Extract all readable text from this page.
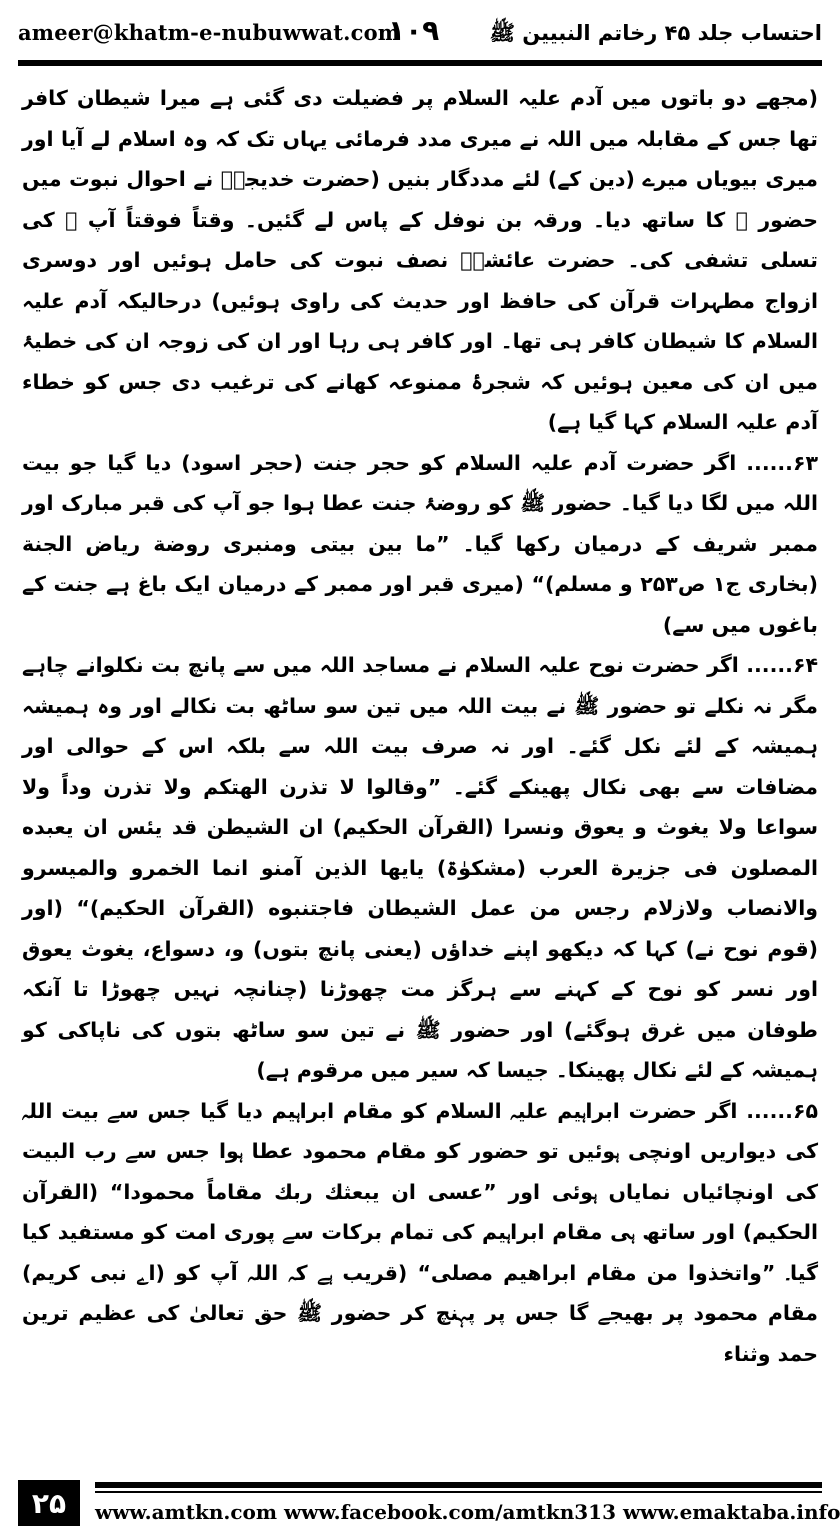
ameer@khatm-e-nubuwwat.com
۱۰۹ احتساب جلد ۴۵ رخاتم النبیین ﷺ

(مجھے دو باتوں میں آدم علیہ السلام پر فضیلت دی گئی ہے میرا شیطان کافر تھا جس کے مقابلہ میں اللہ نے میری مدد فرمائی یہاں تک کہ وہ اسلام لے آیا اور میری بیویاں میرے (دین کے) لئے مددگار بنیں (حضرت خدیجہؓ نے احوال نبوت میں حضور ﷺ کا ساتھ دیا۔ ورقہ بن نوفل کے پاس لے گئیں۔ وقتاً فوقتاً آپ ﷺ کی تسلی تشفی کی۔ حضرت عائشہؓ نصف نبوت کی حامل ہوئیں اور دوسری ازواج مطہرات قرآن کی حافظ اور حدیث کی راوی ہوئیں) درحالیکہ آدم علیہ السلام کا شیطان کافر ہی تھا۔ اور کافر ہی رہا اور ان کی زوجہ ان کی خطیۂ میں ان کی معین ہوئیں کہ شجرۂ ممنوعہ کھانے کی ترغیب دی جس کو خطاء آدم علیہ السلام کہا گیا ہے)

۶۳...... اگر حضرت آدم علیہ السلام کو حجر جنت (حجر اسود) دیا گیا جو بیت اللہ میں لگا دیا گیا۔ حضور ﷺ کو روضۂ جنت عطا ہوا جو آپ کی قبر مبارک اور ممبر شریف کے درمیان رکھا گیا۔ ”ما بین بیتی ومنبری روضة ریاض الجنة (بخاری ج۱ ص۲۵۳ و مسلم)“ (میری قبر اور ممبر کے درمیان ایک باغ ہے جنت کے باغوں میں سے)

۶۴...... اگر حضرت نوح علیہ السلام نے مساجد اللہ میں سے پانچ بت نکلوانے چاہے مگر نہ نکلے تو حضور ﷺ نے بیت اللہ میں تین سو ساٹھ بت نکالے اور وہ ہمیشہ ہمیشہ کے لئے نکل گئے۔ اور نہ صرف بیت اللہ سے بلکہ اس کے حوالی اور مضافات سے بھی نکال پھینکے گئے۔ ”وقالوا لا تذرن الهتکم ولا تذرن وداً ولا سواعا ولا یغوث و یعوق ونسرا (القرآن الحکیم) ان الشیطن قد یئس ان یعبده المصلون فی جزیرة العرب (مشکوٰۃ) یایها الذین آمنو انما الخمرو والمیسرو والانصاب ولازلام رجس من عمل الشیطان فاجتنبوه (القرآن الحکیم)“ (اور (قوم نوح نے) کہا کہ دیکھو اپنے خداؤں (یعنی پانچ بتوں) و، دسواع، یغوث یعوق اور نسر کو نوح کے کہنے سے ہرگز مت چھوڑنا (چنانچہ نہیں چھوڑا تا آنکہ طوفان میں غرق ہوگئے) اور حضور ﷺ نے تین سو ساٹھ بتوں کی ناپاکی کو ہمیشہ کے لئے نکال پھینکا۔ جیسا کہ سیر میں مرقوم ہے)

۶۵...... اگر حضرت ابراہیم علیہ السلام کو مقام ابراہیم دیا گیا جس سے بیت اللہ کی دیواریں اونچی ہوئیں تو حضور کو مقام محمود عطا ہوا جس سے رب البیت کی اونچائیاں نمایاں ہوئی اور ”عسی ان یبعثك ربك مقاماً محمودا“ (القرآن الحکیم) اور ساتھ ہی مقام ابراہیم کی تمام برکات سے پوری امت کو مستفید کیا گیا۔ ”واتخذوا من مقام ابراهیم مصلی“ (قریب ہے کہ اللہ آپ کو (اے نبی کریم) مقام محمود پر بھیجے گا جس پر پہنچ کر حضور ﷺ حق تعالیٰ کی عظیم ترین حمد وثناء

۲۵	www.amtkn.com www.facebook.com/amtkn313 www.emaktaba.info
